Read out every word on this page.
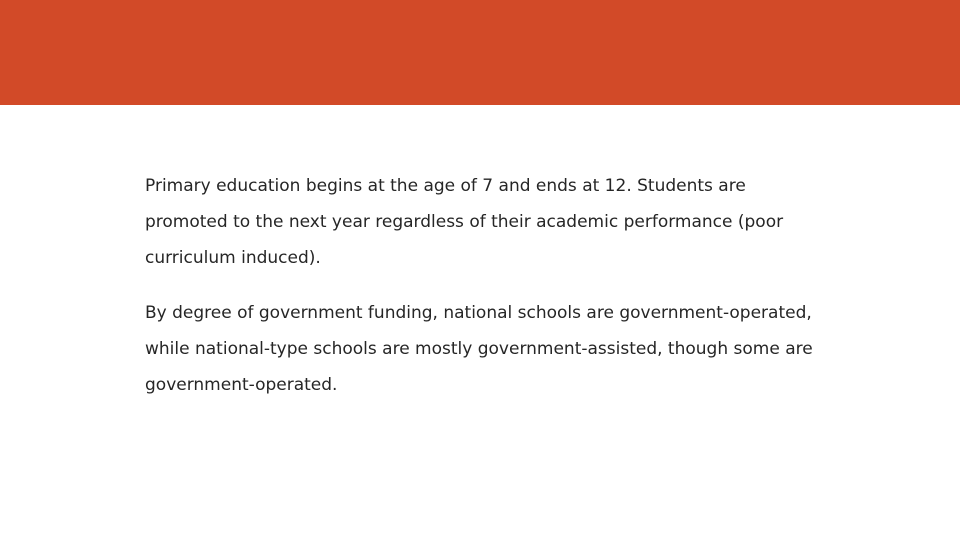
Primary education begins at the age of 7 and ends at 12. Students are promoted to the next year regardless of their academic performance (poor curriculum induced).

By degree of government funding, national schools are government-operated, while national-type schools are mostly government-assisted, though some are government-operated.
